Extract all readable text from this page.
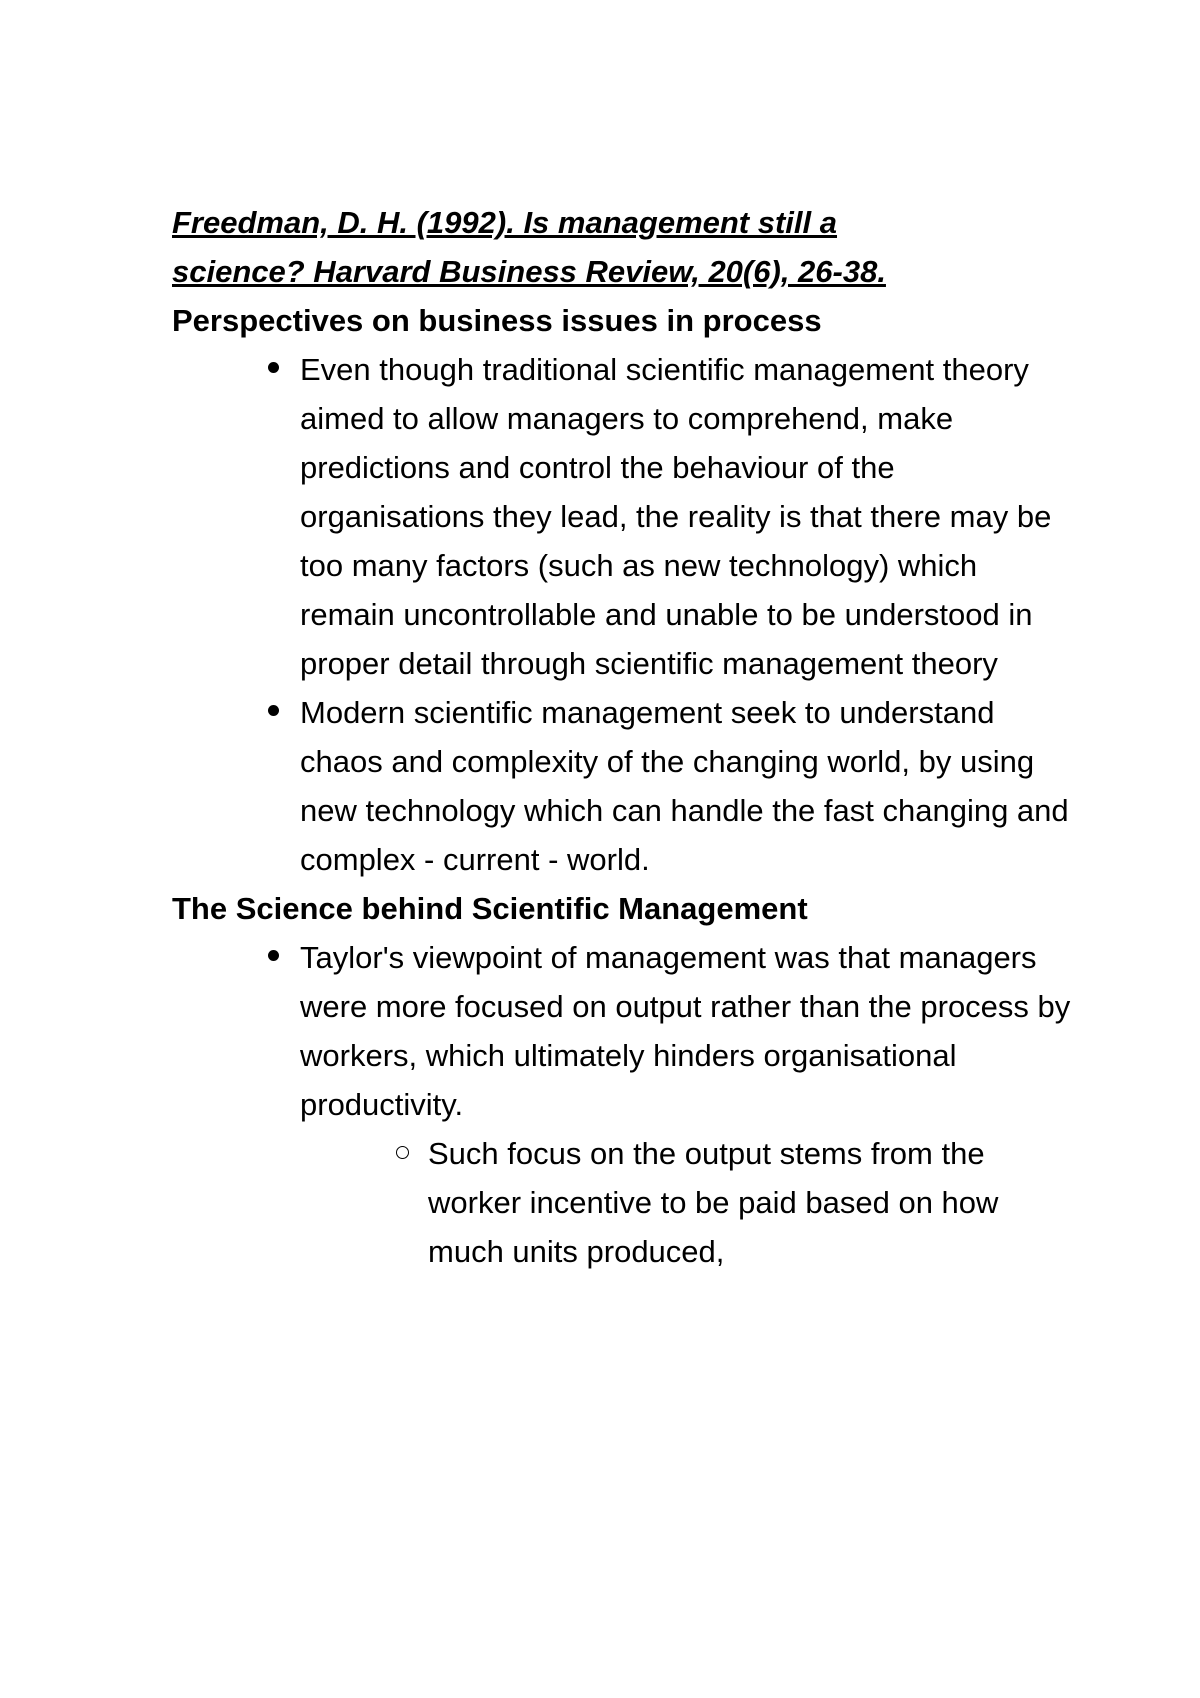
Freedman, D. H. (1992). Is management still a
science? Harvard Business Review, 20(6), 26-38.

Perspectives on business issues in process

Even though traditional scientific management theory aimed to allow managers to comprehend, make predictions and control the behaviour of the organisations they lead, the reality is that there may be too many factors (such as new technology) which remain uncontrollable and unable to be understood in proper detail through scientific management theory
Modern scientific management seek to understand chaos and complexity of the changing world, by using new technology which can handle the fast changing and complex - current - world.

The Science behind Scientific Management

Taylor's viewpoint of management was that managers were more focused on output rather than the process by workers, which ultimately hinders organisational productivity.
Such focus on the output stems from the worker incentive to be paid based on how much units produced,
